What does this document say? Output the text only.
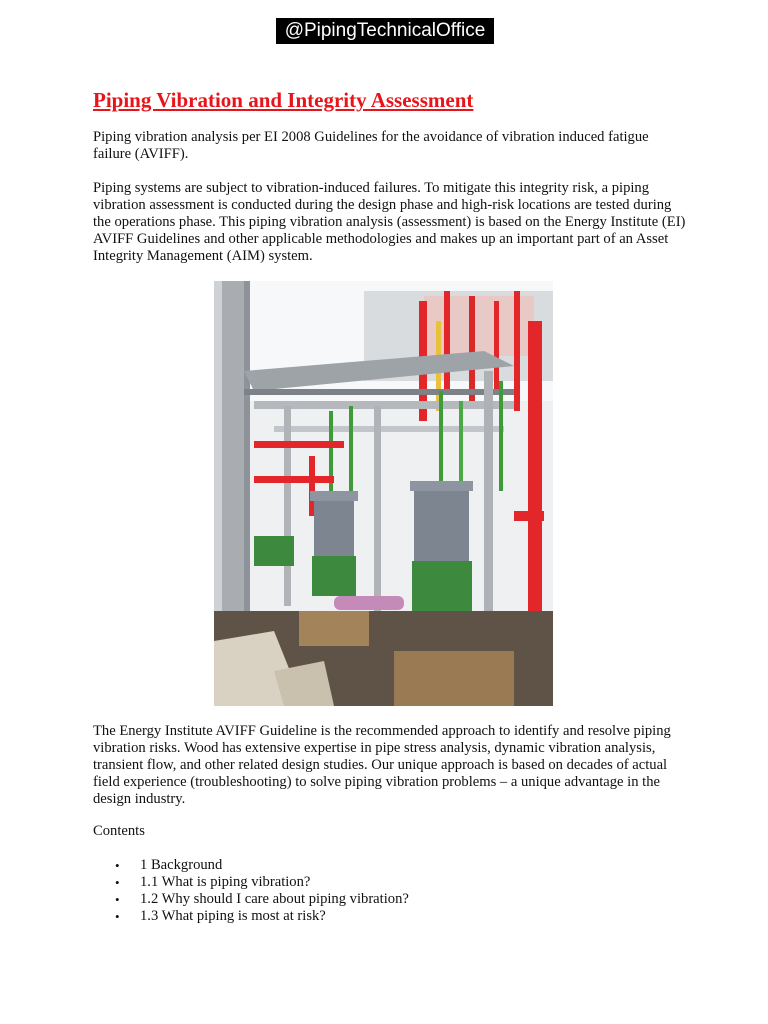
@PipingTechnicalOffice
Piping Vibration and Integrity Assessment

Piping vibration analysis per EI 2008 Guidelines for the avoidance of vibration induced fatigue failure (AVIFF).

Piping systems are subject to vibration-induced failures. To mitigate this integrity risk, a piping vibration assessment is conducted during the design phase and high-risk locations are tested during the operations phase. This piping vibration analysis (assessment) is based on the Energy Institute (EI) AVIFF Guidelines and other applicable methodologies and makes up an important part of an Asset Integrity Management (AIM) system.

The Energy Institute AVIFF Guideline is the recommended approach to identify and resolve piping vibration risks. Wood has extensive expertise in pipe stress analysis, dynamic vibration analysis, transient flow, and other related design studies. Our unique approach is based on decades of actual field experience (troubleshooting) to solve piping vibration problems – a unique advantage in the design industry.

Contents

• 1 Background
• 1.1 What is piping vibration?
• 1.2 Why should I care about piping vibration?
• 1.3 What piping is most at risk?
